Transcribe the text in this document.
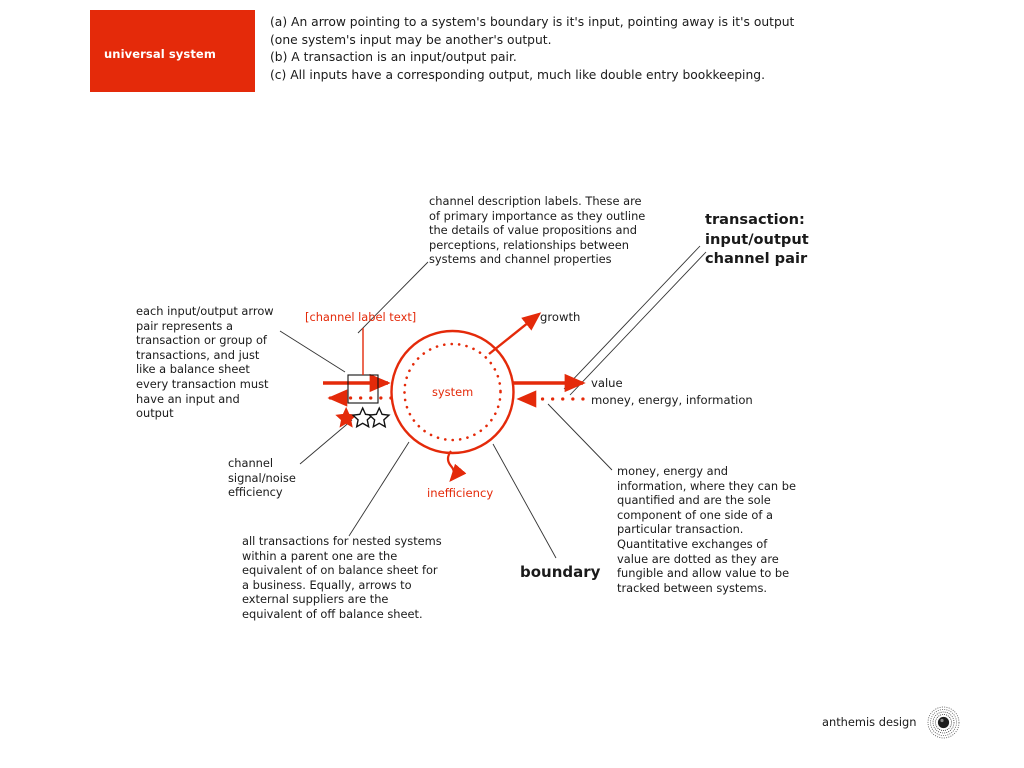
universal system
(a) An arrow pointing to a system's boundary is it's input, pointing away is it's output
(one system's input may be another's output.
(b) A transaction is an input/output pair.
(c) All inputs have a corresponding output, much like double entry bookkeeping.
[channel label text]	growth
system
value
money, energy, information
inefficiency
transaction:
input/output
channel pair
boundary
channel description labels. These are of primary importance as they outline the details of value propositions and perceptions, relationships between systems and channel properties
each input/output arrow pair represents a transaction or group of transactions, and just like a balance sheet every transaction must have an input and output
channel
signal/noise
efficiency
all transactions for nested systems within a parent one are the equivalent of on balance sheet for a business. Equally, arrows to external suppliers are the equivalent of off balance sheet.
money, energy and information, where they can be quantified and are the sole component of one side of a particular transaction. Quantitative exchanges of value are dotted as they are fungible and allow value to be tracked between systems.
anthemis design
